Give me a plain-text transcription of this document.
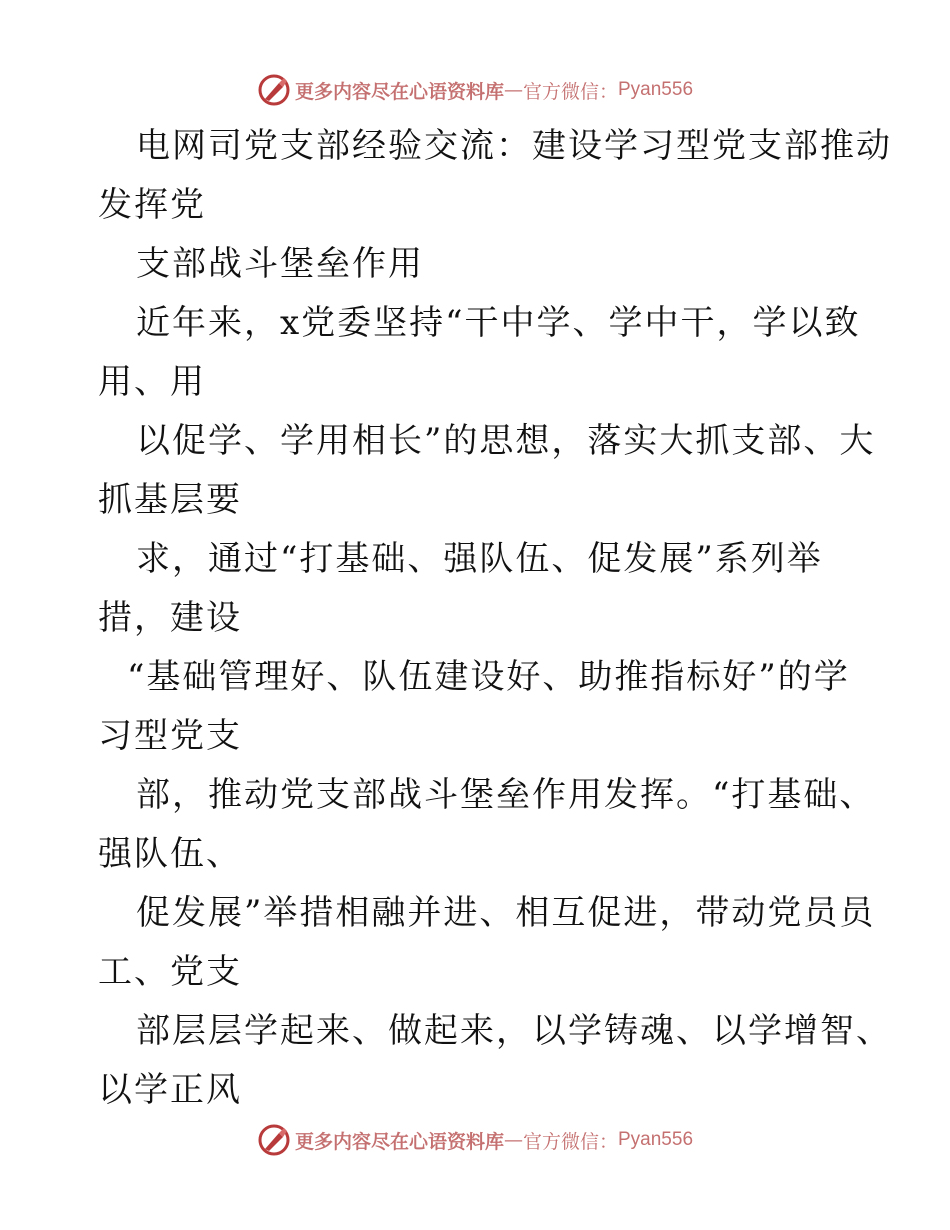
更多内容尽在心语资料库 — 官方微信： Pyan556
电网司党支部经验交流：建设学习型党支部推动
发挥党
支部战斗堡垒作用
近年来，x党委坚持“干中学、学中干，学以致
用、用
以促学、学用相长”的思想，落实大抓支部、大
抓基层要
求，通过“打基础、强队伍、促发展”系列举
措，建设
“基础管理好、队伍建设好、助推指标好”的学
习型党支
部，推动党支部战斗堡垒作用发挥。“打基础、
强队伍、
促发展”举措相融并进、相互促进，带动党员员
工、党支
部层层学起来、做起来，以学铸魂、以学增智、
以学正风
更多内容尽在心语资料库 — 官方微信： Pyan556
